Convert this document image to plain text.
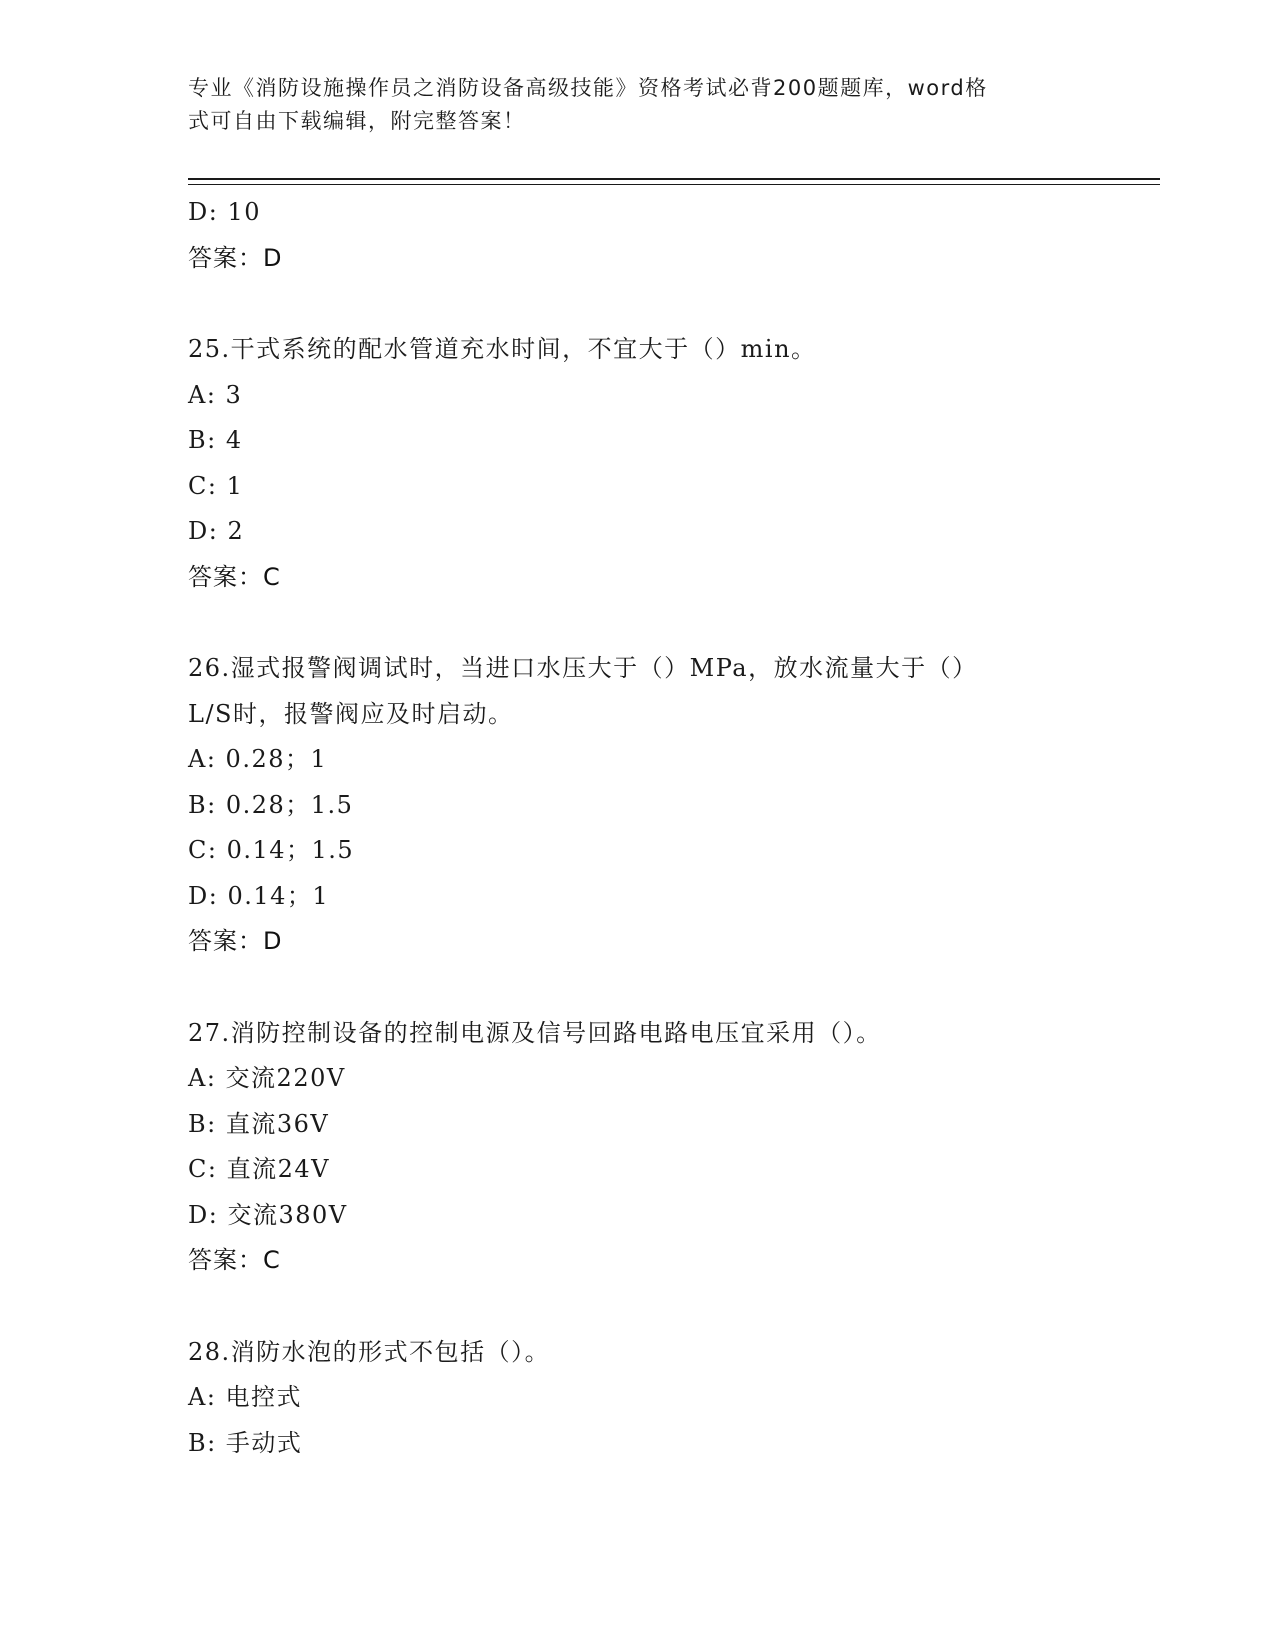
专业《消防设施操作员之消防设备高级技能》资格考试必背200题题库，word格
式可自由下载编辑，附完整答案！
D: 10
答案：D
25.干式系统的配水管道充水时间，不宜大于（）min。
A: 3
B: 4
C: 1
D: 2
答案：C
26.湿式报警阀调试时，当进口水压大于（）MPa，放水流量大于（）
L/S时，报警阀应及时启动。
A: 0.28；1
B: 0.28；1.5
C: 0.14；1.5
D: 0.14；1
答案：D
27.消防控制设备的控制电源及信号回路电路电压宜采用（）。
A: 交流220V
B: 直流36V
C: 直流24V
D: 交流380V
答案：C
28.消防水泡的形式不包括（）。
A: 电控式
B: 手动式
